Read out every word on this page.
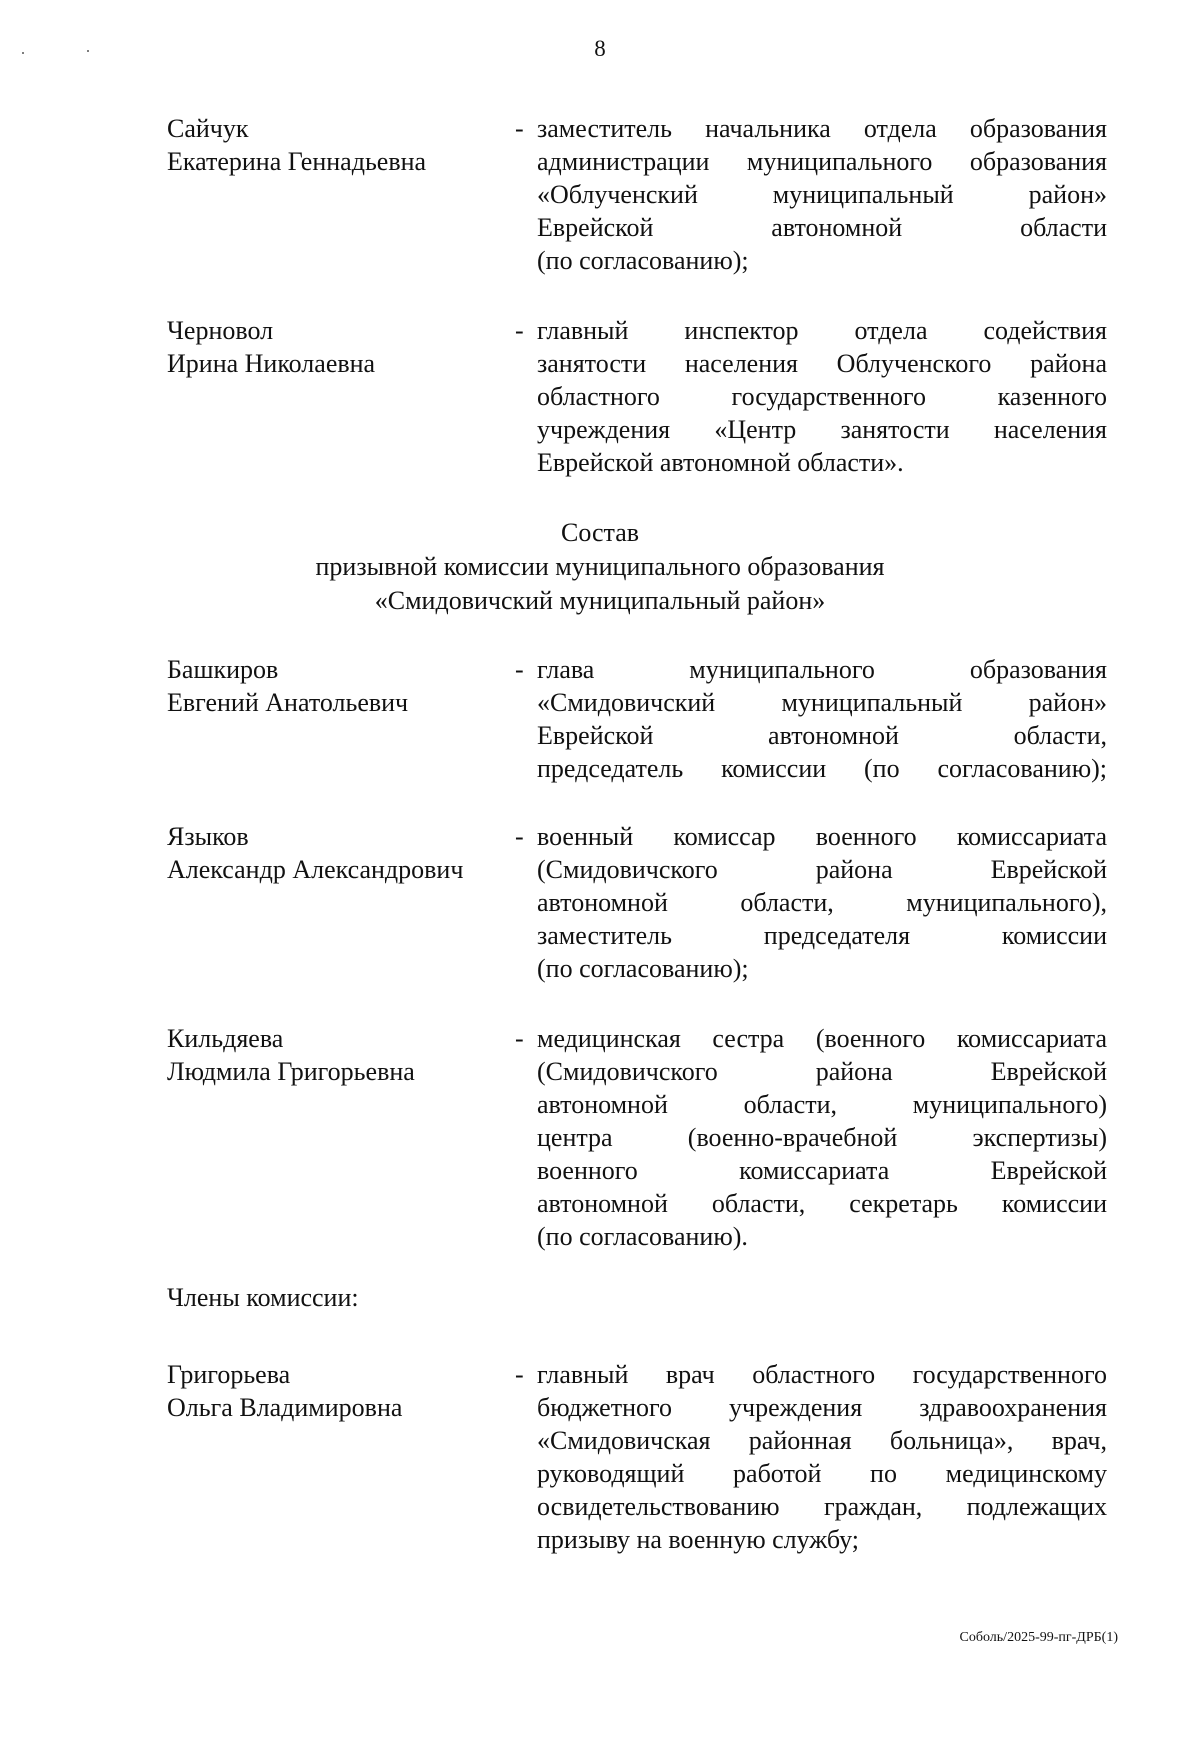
8
Сайчук
Екатерина Геннадьевна
- заместитель начальника отдела образования
администрации муниципального образования
«Облученский муниципальный район»
Еврейской автономной области
(по согласованию);
Черновол
Ирина Николаевна
- главный инспектор отдела содействия
занятости населения Облученского района
областного государственного казенного
учреждения «Центр занятости населения
Еврейской автономной области».
Состав
призывной комиссии муниципального образования
«Смидовичский муниципальный район»
Башкиров
Евгений Анатольевич
- глава муниципального образования
«Смидовичский муниципальный район»
Еврейской автономной области,
председатель комиссии (по согласованию);
Языков
Александр Александрович
- военный комиссар военного комиссариата
(Смидовичского района Еврейской
автономной области, муниципального),
заместитель председателя комиссии
(по согласованию);
Кильдяева
Людмила Григорьевна
- медицинская сестра (военного комиссариата
(Смидовичского района Еврейской
автономной области, муниципального)
центра (военно-врачебной экспертизы)
военного комиссариата Еврейской
автономной области, секретарь комиссии
(по согласованию).
Члены комиссии:
Григорьева
Ольга Владимировна
- главный врач областного государственного
бюджетного учреждения здравоохранения
«Смидовичская районная больница», врач,
руководящий работой по медицинскому
освидетельствованию граждан, подлежащих
призыву на военную службу;
Соболь/2025-99-пг-ДРБ(1)
